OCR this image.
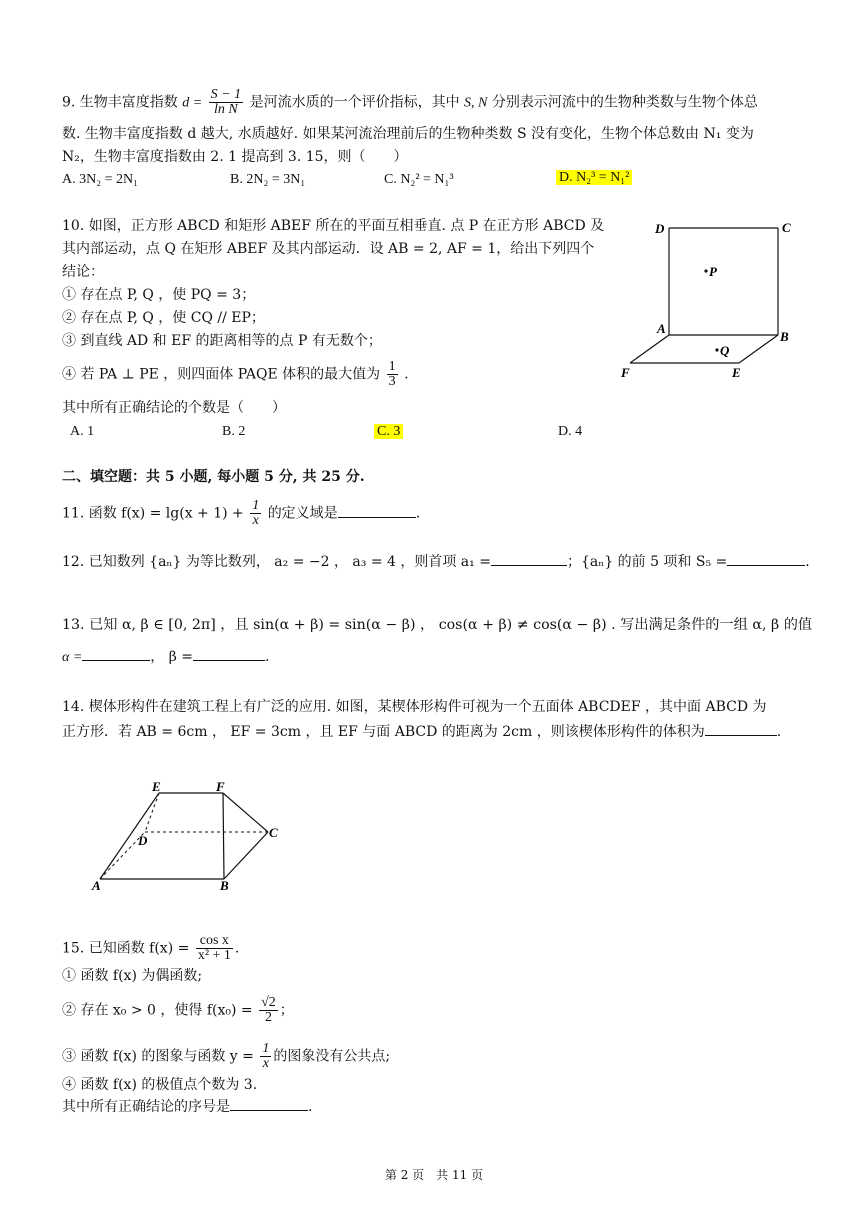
9. 生物丰富度指数 $d = \frac{S - 1}{\text{ln N}}$ 是河流水质的一个评价指标，其中 S, N 分别表示河流中的生物种类数与生物个体总
数. 生物丰富度指数 d 越大, 水质越好. 如果某河流治理前后的生物种类数 S 没有变化，生物个体总数由 N₁ 变为
N₂，生物丰富度指数由 2. 1 提高到 3. 15，则（　　）
A. 3N₂ = 2N₁	B. 2N₂ = 3N₁	C. N₂² = N₁³	D. N₂³ = N₁²
10. 如图，正方形 ABCD 和矩形 ABEF 所在的平面互相垂直. 点 P 在正方形 ABCD 及
其内部运动，点 Q 在矩形 ABEF 及其内部运动．设 AB = 2, AF = 1，给出下列四个
结论：
① 存在点 P, Q ，使 PQ = 3；
② 存在点 P, Q ，使 CQ // EP；
③ 到直线 AD 和 EF 的距离相等的点 P 有无数个；
④ 若 PA ⊥ PE ，则四面体 PAQE 体积的最大值为 $\frac{1}{3}$ .
其中所有正确结论的个数是（　　）
A. 1	B. 2	C. 3	D. 4
D	C
P
A
B
Q
F	E
二、填空题：共 5 小题, 每小题 5 分, 共 25 分.
11. 函数 $f(x) = \lg(x + 1) + \frac{1}{x}$ 的定义域是	.
12. 已知数列 {aₙ} 为等比数列， a₂ = −2 ， a₃ = 4 ，则首项 a₁ =	；{aₙ} 的前 5 项和 S₅ =	.
13. 已知 α, β ∈ [0, 2π] ，且 sin(α + β) = sin(α − β) ， cos(α + β) ≠ cos(α − β) . 写出满足条件的一组 α, β 的值
α =	， β =	.
14. 楔体形构件在建筑工程上有广泛的应用. 如图，某楔体形构件可视为一个五面体 ABCDEF ，其中面 ABCD 为
正方形．若 AB = 6cm ， EF = 3cm ，且 EF 与面 ABCD 的距离为 2cm ，则该楔体形构件的体积为	.
E	F
D
C
A	B
15. 已知函数 $f(x) = \frac{\text{cos x}}{\text{x² + 1}}$ .
① 函数 f(x) 为偶函数;
② 存在 x₀ > 0 ，使得 $f(x_0) = \frac{√2}{2}$ ；
③ 函数 f(x) 的图象与函数 $y = \frac{1}{x}$ 的图象没有公共点;
④ 函数 f(x) 的极值点个数为 3.
其中所有正确结论的序号是	.
第 2 页　共 11 页
